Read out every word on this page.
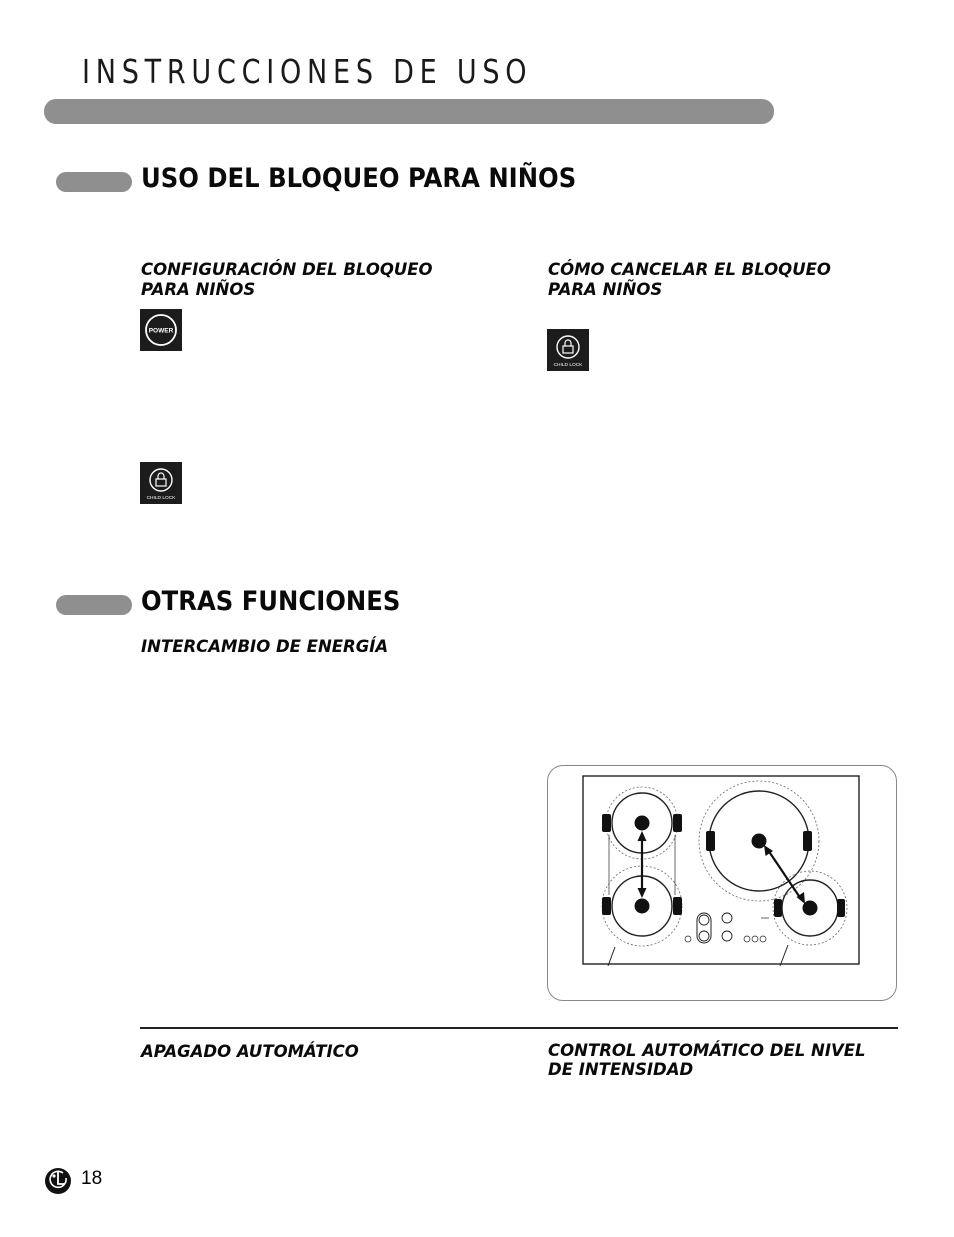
INSTRUCCIONES DE USO
USO DEL BLOQUEO PARA NIÑOS
CONFIGURACIÓN DEL BLOQUEO
PARA NIÑOS
CÓMO CANCELAR EL BLOQUEO
PARA NIÑOS
POWER
CHILD LOCK
CHILD LOCK
OTRAS FUNCIONES
INTERCAMBIO DE ENERGÍA
APAGADO AUTOMÁTICO	CONTROL AUTOMÁTICO DEL NIVEL
DE INTENSIDAD
18
